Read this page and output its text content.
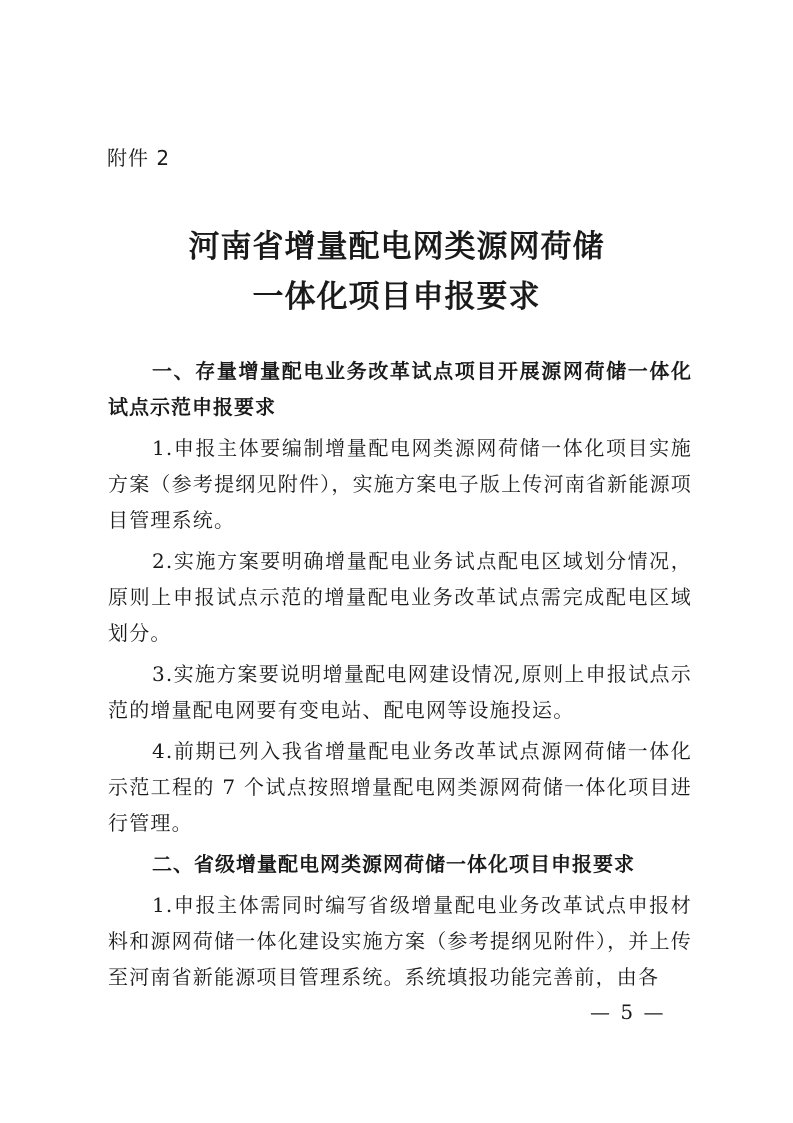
附件 2
河南省增量配电网类源网荷储
一体化项目申报要求

一、存量增量配电业务改革试点项目开展源网荷储一体化试点示范申报要求

1.申报主体要编制增量配电网类源网荷储一体化项目实施方案（参考提纲见附件），实施方案电子版上传河南省新能源项目管理系统。

2.实施方案要明确增量配电业务试点配电区域划分情况，原则上申报试点示范的增量配电业务改革试点需完成配电区域划分。

3.实施方案要说明增量配电网建设情况,原则上申报试点示范的增量配电网要有变电站、配电网等设施投运。

4.前期已列入我省增量配电业务改革试点源网荷储一体化示范工程的 7 个试点按照增量配电网类源网荷储一体化项目进行管理。

二、省级增量配电网类源网荷储一体化项目申报要求

1.申报主体需同时编写省级增量配电业务改革试点申报材料和源网荷储一体化建设实施方案（参考提纲见附件），并上传至河南省新能源项目管理系统。系统填报功能完善前，由各

— 5 —
